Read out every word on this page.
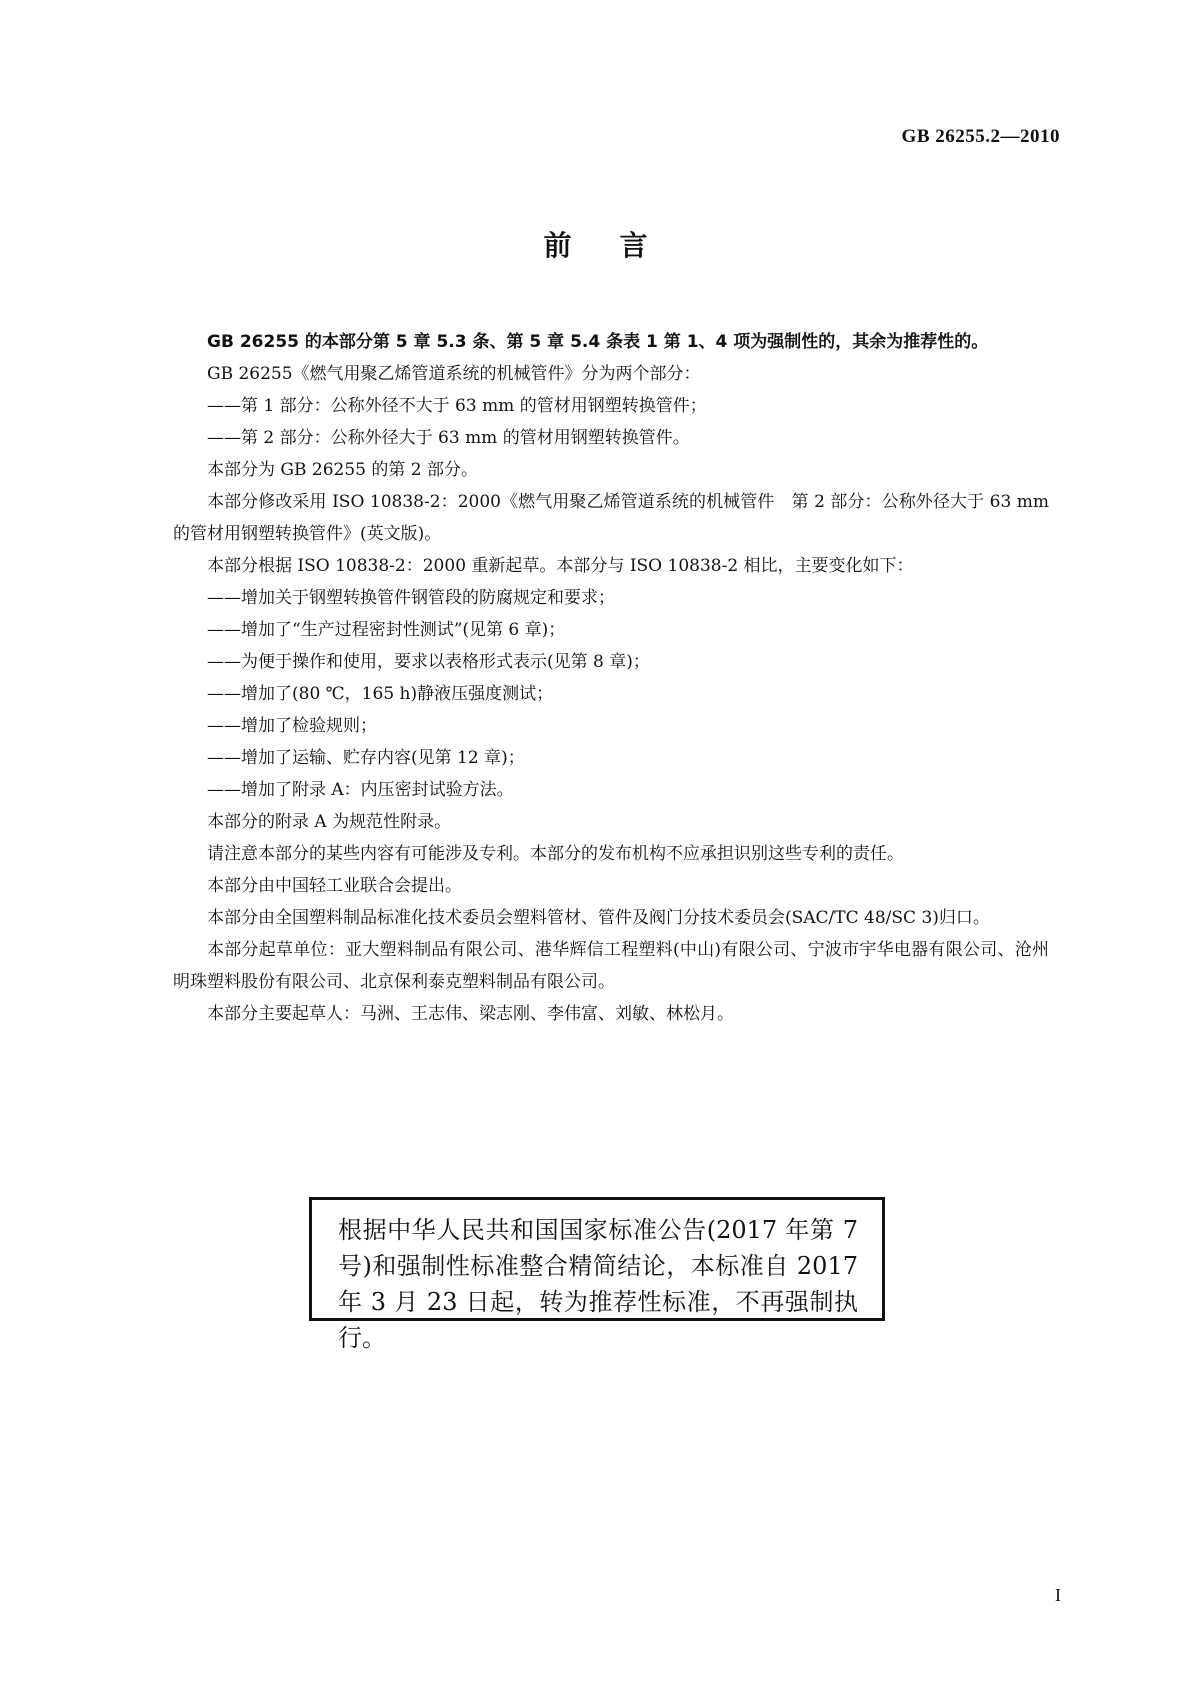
GB 26255.2—2010
前言

GB 26255 的本部分第 5 章 5.3 条、第 5 章 5.4 条表 1 第 1、4 项为强制性的，其余为推荐性的。

GB 26255《燃气用聚乙烯管道系统的机械管件》分为两个部分：

——第 1 部分：公称外径不大于 63 mm 的管材用钢塑转换管件；

——第 2 部分：公称外径大于 63 mm 的管材用钢塑转换管件。

本部分为 GB 26255 的第 2 部分。

本部分修改采用 ISO 10838-2：2000《燃气用聚乙烯管道系统的机械管件　第 2 部分：公称外径大于 63 mm 的管材用钢塑转换管件》(英文版)。

本部分根据 ISO 10838-2：2000 重新起草。本部分与 ISO 10838-2 相比，主要变化如下：

——增加关于钢塑转换管件钢管段的防腐规定和要求；

——增加了“生产过程密封性测试”(见第 6 章)；

——为便于操作和使用，要求以表格形式表示(见第 8 章)；

——增加了(80 ℃，165 h)静液压强度测试；

——增加了检验规则；

——增加了运输、贮存内容(见第 12 章)；

——增加了附录 A：内压密封试验方法。

本部分的附录 A 为规范性附录。

请注意本部分的某些内容有可能涉及专利。本部分的发布机构不应承担识别这些专利的责任。

本部分由中国轻工业联合会提出。

本部分由全国塑料制品标准化技术委员会塑料管材、管件及阀门分技术委员会(SAC/TC 48/SC 3)归口。

本部分起草单位：亚大塑料制品有限公司、港华辉信工程塑料(中山)有限公司、宁波市宇华电器有限公司、沧州明珠塑料股份有限公司、北京保利泰克塑料制品有限公司。

本部分主要起草人：马洲、王志伟、梁志刚、李伟富、刘敏、林松月。

根据中华人民共和国国家标准公告(2017 年第 7 号)和强制性标准整合精简结论，本标准自 2017 年 3 月 23 日起，转为推荐性标准，不再强制执行。
I
